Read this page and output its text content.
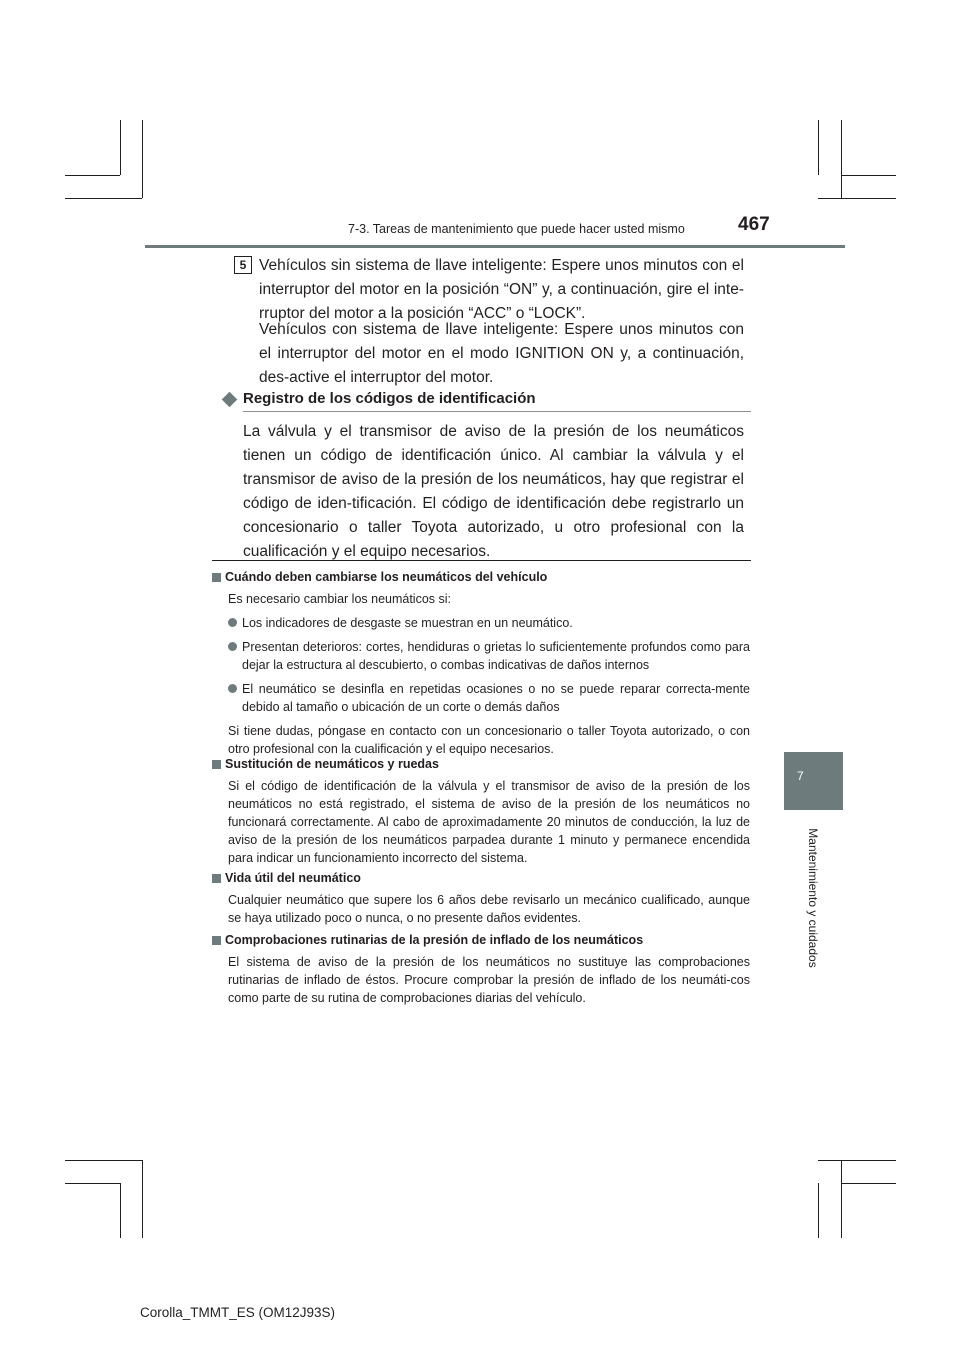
7-3. Tareas de mantenimiento que puede hacer usted mismo	467
7
Mantenimiento y cuidados
5 Vehículos sin sistema de llave inteligente: Espere unos minutos con el interruptor del motor en la posición “ON” y, a continuación, gire el inte-rruptor del motor a la posición “ACC” o “LOCK”.

Vehículos con sistema de llave inteligente: Espere unos minutos con el interruptor del motor en el modo IGNITION ON y, a continuación, des-active el interruptor del motor.

Registro de los códigos de identificación

La válvula y el transmisor de aviso de la presión de los neumáticos tienen un código de identificación único. Al cambiar la válvula y el transmisor de aviso de la presión de los neumáticos, hay que registrar el código de iden-tificación. El código de identificación debe registrarlo un concesionario o taller Toyota autorizado, u otro profesional con la cualificación y el equipo necesarios.

Cuándo deben cambiarse los neumáticos del vehículo
Es necesario cambiar los neumáticos si:
Los indicadores de desgaste se muestran en un neumático.
Presentan deterioros: cortes, hendiduras o grietas lo suficientemente profundos como para dejar la estructura al descubierto, o combas indicativas de daños internos
El neumático se desinfla en repetidas ocasiones o no se puede reparar correcta-mente debido al tamaño o ubicación de un corte o demás daños
Si tiene dudas, póngase en contacto con un concesionario o taller Toyota autorizado, o con otro profesional con la cualificación y el equipo necesarios.
Sustitución de neumáticos y ruedas
Si el código de identificación de la válvula y el transmisor de aviso de la presión de los neumáticos no está registrado, el sistema de aviso de la presión de los neumáticos no funcionará correctamente. Al cabo de aproximadamente 20 minutos de conducción, la luz de aviso de la presión de los neumáticos parpadea durante 1 minuto y permanece encendida para indicar un funcionamiento incorrecto del sistema.
Vida útil del neumático
Cualquier neumático que supere los 6 años debe revisarlo un mecánico cualificado, aunque se haya utilizado poco o nunca, o no presente daños evidentes.
Comprobaciones rutinarias de la presión de inflado de los neumáticos
El sistema de aviso de la presión de los neumáticos no sustituye las comprobaciones rutinarias de inflado de éstos. Procure comprobar la presión de inflado de los neumáti-cos como parte de su rutina de comprobaciones diarias del vehículo.
Corolla_TMMT_ES (OM12J93S)
